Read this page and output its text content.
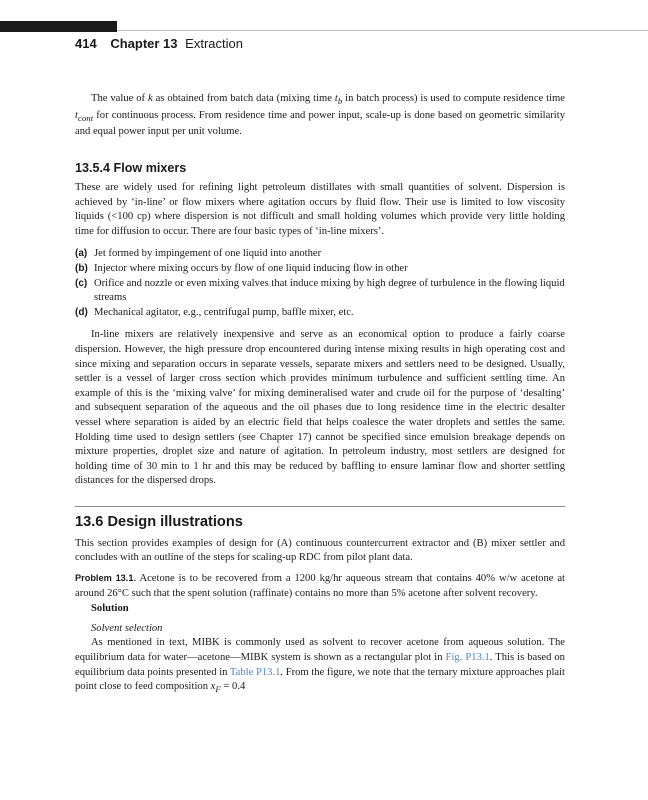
414 Chapter 13 Extraction

The value of k as obtained from batch data (mixing time $t_b$ in batch process) is used to compute residence time $t_{cont}$ for continuous process. From residence time and power input, scale-up is done based on geometric similarity and equal power input per unit volume.

13.5.4 Flow mixers

These are widely used for refining light petroleum distillates with small quantities of solvent. Dispersion is achieved by ‘in-line’ or flow mixers where agitation occurs by fluid flow. Their use is limited to low viscosity liquids (<100 cp) where dispersion is not difficult and small holding volumes which provide very little holding time for diffusion to occur. There are four basic types of ‘in-line mixers’.

(a) Jet formed by impingement of one liquid into another
(b) Injector where mixing occurs by flow of one liquid inducing flow in other
(c) Orifice and nozzle or even mixing valves that induce mixing by high degree of turbulence in the flowing liquid streams
(d) Mechanical agitator, e.g., centrifugal pump, baffle mixer, etc.

In-line mixers are relatively inexpensive and serve as an economical option to produce a fairly coarse dispersion. However, the high pressure drop encountered during intense mixing results in high operating cost and since mixing and separation occurs in separate vessels, separate mixers and settlers need to be designed. Usually, settler is a vessel of larger cross section which provides minimum turbulence and sufficient settling time. An example of this is the ‘mixing valve’ for mixing demineralised water and crude oil for the purpose of ‘desalting’ and subsequent separation of the aqueous and the oil phases due to long residence time in the electric desalter vessel where separation is aided by an electric field that helps coalesce the water droplets and settles the same. Holding time used to design settlers (see Chapter 17) cannot be specified since emulsion breakage depends on mixture properties, droplet size and nature of agitation. In petroleum industry, most settlers are designed for holding time of 30 min to 1 hr and this may be reduced by baffling to ensure laminar flow and shorter settling distances for the dispersed drops.

13.6 Design illustrations

This section provides examples of design for (A) continuous countercurrent extractor and (B) mixer settler and concludes with an outline of the steps for scaling-up RDC from pilot plant data.

Problem 13.1. Acetone is to be recovered from a 1200 kg/hr aqueous stream that contains 40% w/w acetone at around 26°C such that the spent solution (raffinate) contains no more than 5% acetone after solvent recovery.

Solution

Solvent selection

As mentioned in text, MIBK is commonly used as solvent to recover acetone from aqueous solution. The equilibrium data for water—acetone—MIBK system is shown as a rectangular plot in Fig. P13.1. This is based on equilibrium data points presented in Table P13.1. From the figure, we note that the ternary mixture approaches plait point close to feed composition $x_F = 0.4$
